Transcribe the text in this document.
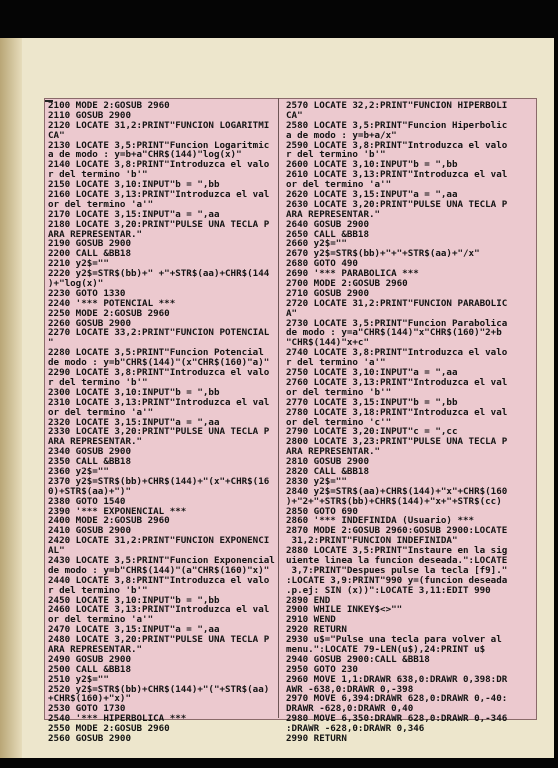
2100 MODE 2:GOSUB 2960
2110 GOSUB 2900
2120 LOCATE 31,2:PRINT"FUNCION LOGARITMI
CA"
2130 LOCATE 3,5:PRINT"Funcion Logaritmic
a de modo : y=b+a"CHR$(144)"log(x)"
2140 LOCATE 3,8:PRINT"Introduzca el valo
r del termino 'b'"
2150 LOCATE 3,10:INPUT"b = ",bb
2160 LOCATE 3,13:PRINT"Introduzca el val
or del termino 'a'"
2170 LOCATE 3,15:INPUT"a = ",aa
2180 LOCATE 3,20:PRINT"PULSE UNA TECLA P
ARA REPRESENTAR."
2190 GOSUB 2900
2200 CALL &BB18
2210 y2$=""
2220 y2$=STR$(bb)+" +"+STR$(aa)+CHR$(144
)+"log(x)"
2230 GOTO 1330
2240 '*** POTENCIAL ***
2250 MODE 2:GOSUB 2960
2260 GOSUB 2900
2270 LOCATE 33,2:PRINT"FUNCION POTENCIAL
"
2280 LOCATE 3,5:PRINT"Funcion Potencial
de modo : y=b"CHR$(144)"(x"CHR$(160)"a)"
2290 LOCATE 3,8:PRINT"Introduzca el valo
r del termino 'b'"
2300 LOCATE 3,10:INPUT"b = ",bb
2310 LOCATE 3,13:PRINT"Introduzca el val
or del termino 'a'"
2320 LOCATE 3,15:INPUT"a = ",aa
2330 LOCATE 3,20:PRINT"PULSE UNA TECLA P
ARA REPRESENTAR."
2340 GOSUB 2900
2350 CALL &BB18
2360 y2$=""
2370 y2$=STR$(bb)+CHR$(144)+"(x"+CHR$(16
0)+STR$(aa)+")"
2380 GOTO 1540
2390 '*** EXPONENCIAL ***
2400 MODE 2:GOSUB 2960
2410 GOSUB 2900
2420 LOCATE 31,2:PRINT"FUNCION EXPONENCI
AL"
2430 LOCATE 3,5:PRINT"Funcion Exponencial
de modo : y=b"CHR$(144)"(a"CHR$(160)"x)"
2440 LOCATE 3,8:PRINT"Introduzca el valo
r del termino 'b'"
2450 LOCATE 3,10:INPUT"b = ",bb
2460 LOCATE 3,13:PRINT"Introduzca el val
or del termino 'a'"
2470 LOCATE 3,15:INPUT"a = ",aa
2480 LOCATE 3,20:PRINT"PULSE UNA TECLA P
ARA REPRESENTAR."
2490 GOSUB 2900
2500 CALL &BB18
2510 y2$=""
2520 y2$=STR$(bb)+CHR$(144)+"("+STR$(aa)
+CHR$(160)+"x)"
2530 GOTO 1730
2540 '*** HIPERBOLICA ***
2550 MODE 2:GOSUB 2960
2560 GOSUB 2900
2570 LOCATE 32,2:PRINT"FUNCION HIPERBOLI
CA"
2580 LOCATE 3,5:PRINT"Funcion Hiperbolic
a de modo : y=b+a/x"
2590 LOCATE 3,8:PRINT"Introduzca el valo
r del termino 'b'"
2600 LOCATE 3,10:INPUT"b = ",bb
2610 LOCATE 3,13:PRINT"Introduzca el val
or del termino 'a'"
2620 LOCATE 3,15:INPUT"a = ",aa
2630 LOCATE 3,20:PRINT"PULSE UNA TECLA P
ARA REPRESENTAR."
2640 GOSUB 2900
2650 CALL &BB18
2660 y2$=""
2670 y2$=STR$(bb)+"+"+STR$(aa)+"/x"
2680 GOTO 490
2690 '*** PARABOLICA ***
2700 MODE 2:GOSUB 2960
2710 GOSUB 2900
2720 LOCATE 31,2:PRINT"FUNCION PARABOLIC
A"
2730 LOCATE 3,5:PRINT"Funcion Parabolica
de modo : y=a"CHR$(144)"x"CHR$(160)"2+b
"CHR$(144)"x+c"
2740 LOCATE 3,8:PRINT"Introduzca el valo
r del termino 'a'"
2750 LOCATE 3,10:INPUT"a = ",aa
2760 LOCATE 3,13:PRINT"Introduzca el val
or del termino 'b'"
2770 LOCATE 3,15:INPUT"b = ",bb
2780 LOCATE 3,18:PRINT"Introduzca el val
or del termino 'c'"
2790 LOCATE 3,20:INPUT"c = ",cc
2800 LOCATE 3,23:PRINT"PULSE UNA TECLA P
ARA REPRESENTAR."
2810 GOSUB 2900
2820 CALL &BB18
2830 y2$=""
2840 y2$=STR$(aa)+CHR$(144)+"x"+CHR$(160
)+"2+"+STR$(bb)+CHR$(144)+"x+"+STR$(cc)
2850 GOTO 690
2860 '*** INDEFINIDA (Usuario) ***
2870 MODE 2:GOSUB 2960:GOSUB 2900:LOCATE
31,2:PRINT"FUNCION INDEFINIDA"
2880 LOCATE 3,5:PRINT"Instaure en la sig
uiente linea la funcion deseada.":LOCATE
3,7:PRINT"Despues pulse la tecla [f9]."
:LOCATE 3,9:PRINT"990 y=(funcion deseada
.p.ej: SIN (x))":LOCATE 3,11:EDIT 990
2890 END
2900 WHILE INKEY$<>""
2910 WEND
2920 RETURN
2930 u$="Pulse una tecla para volver al
menu.":LOCATE 79-LEN(u$),24:PRINT u$
2940 GOSUB 2900:CALL &BB18
2950 GOTO 230
2960 MOVE 1,1:DRAWR 638,0:DRAWR 0,398:DR
AWR -638,0:DRAWR 0,-398
2970 MOVE 6,394:DRAWR 628,0:DRAWR 0,-40:
DRAWR -628,0:DRAWR 0,40
2980 MOVE 6,350:DRAWR 628,0:DRAWR 0,-346
:DRAWR -628,0:DRAWR 0,346
2990 RETURN
